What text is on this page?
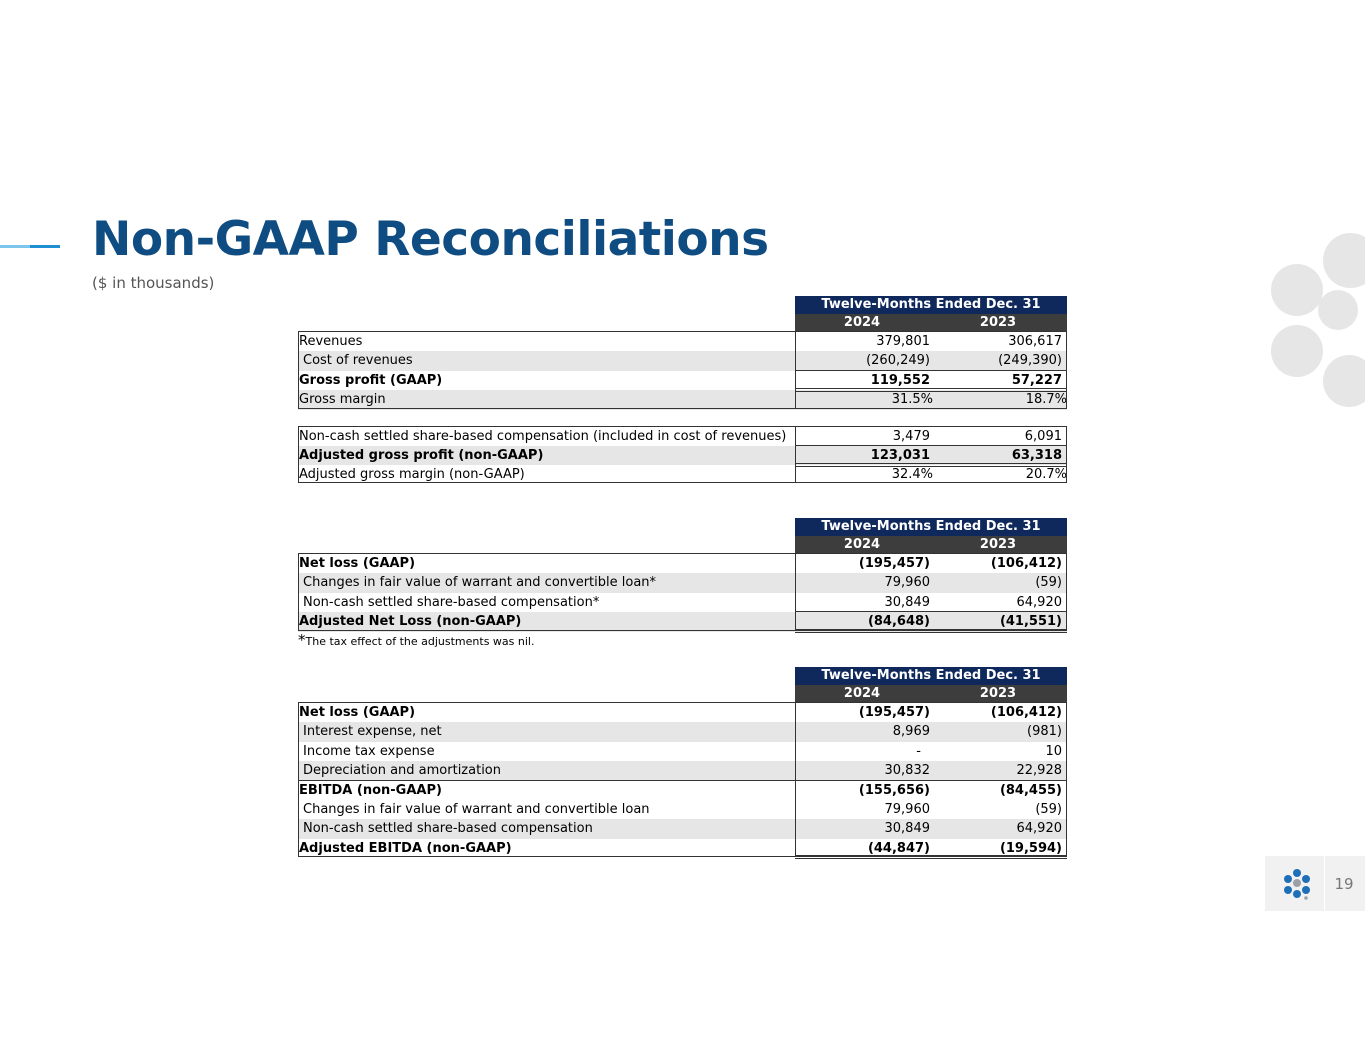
Non-GAAP Reconciliations
($ in thousands)
Twelve-Months Ended Dec. 31
2024	2023
Revenues	379,801	306,617
Cost of revenues	(260,249)	(249,390)
Gross profit (GAAP)	119,552	57,227
Gross margin	31.5%	18.7%
Non-cash settled share-based compensation (included in cost of revenues)	3,479	6,091
Adjusted gross profit (non-GAAP)	123,031	63,318
Adjusted gross margin (non-GAAP)	32.4%	20.7%
Twelve-Months Ended Dec. 31
2024	2023
Net loss (GAAP)	(195,457)	(106,412)
Changes in fair value of warrant and convertible loan*	79,960	(59)
Non-cash settled share-based compensation*	30,849	64,920
Adjusted Net Loss (non-GAAP)	(84,648)	(41,551)
*The tax effect of the adjustments was nil.
Twelve-Months Ended Dec. 31
2024	2023
Net loss (GAAP)	(195,457)	(106,412)
Interest expense, net	8,969	(981)
Income tax expense	-	10
Depreciation and amortization	30,832	22,928
EBITDA (non-GAAP)	(155,656)	(84,455)
Changes in fair value of warrant and convertible loan	79,960	(59)
Non-cash settled share-based compensation	30,849	64,920
Adjusted EBITDA (non-GAAP)	(44,847)	(19,594)
19
